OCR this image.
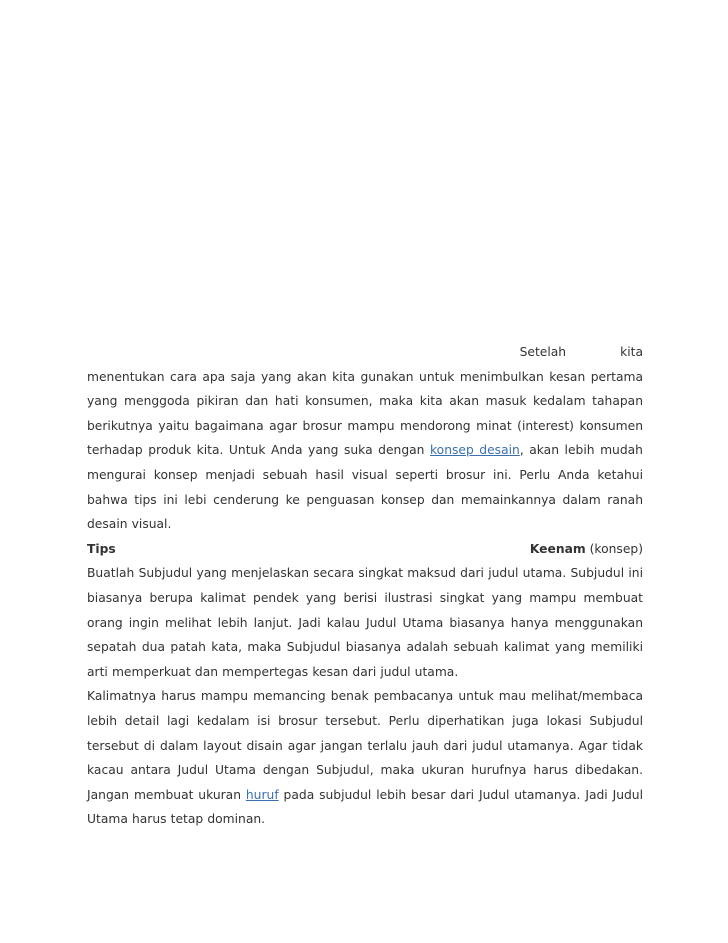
Setelah	kita

menentukan cara apa saja yang akan kita gunakan untuk menimbulkan kesan pertama yang menggoda pikiran dan hati konsumen, maka kita akan masuk kedalam tahapan berikutnya yaitu bagaimana agar brosur mampu mendorong minat (interest) konsumen terhadap produk kita. Untuk Anda yang suka dengan konsep desain, akan lebih mudah mengurai konsep menjadi sebuah hasil visual seperti brosur ini. Perlu Anda ketahui bahwa tips ini lebi cenderung ke penguasan konsep dan memainkannya dalam ranah desain visual.

Tips	Keenam (konsep)

Buatlah Subjudul yang menjelaskan secara singkat maksud dari judul utama. Subjudul ini biasanya berupa kalimat pendek yang berisi ilustrasi singkat yang mampu membuat orang ingin melihat lebih lanjut. Jadi kalau Judul Utama biasanya hanya menggunakan sepatah dua patah kata, maka Subjudul biasanya adalah sebuah kalimat yang memiliki arti memperkuat dan mempertegas kesan dari judul utama.

Kalimatnya harus mampu memancing benak pembacanya untuk mau melihat/membaca lebih detail lagi kedalam isi brosur tersebut. Perlu diperhatikan juga lokasi Subjudul tersebut di dalam layout disain agar jangan terlalu jauh dari judul utamanya. Agar tidak kacau antara Judul Utama dengan Subjudul, maka ukuran hurufnya harus dibedakan. Jangan membuat ukuran huruf pada subjudul lebih besar dari Judul utamanya. Jadi Judul Utama harus tetap dominan.
